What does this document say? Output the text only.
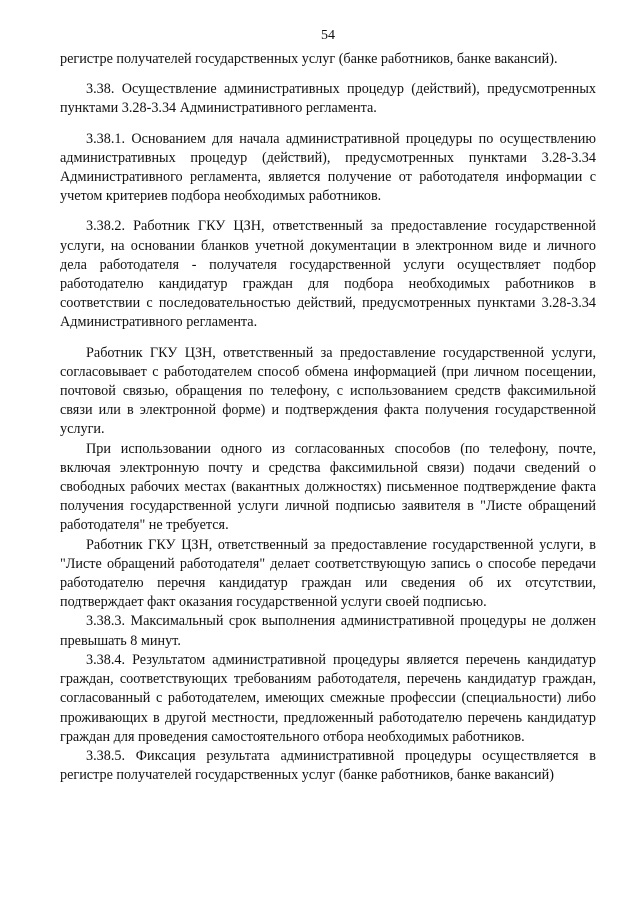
54

регистре получателей государственных услуг (банке работников, банке вакансий).

3.38. Осуществление административных процедур (действий), предусмотренных пунктами 3.28-3.34 Административного регламента.

3.38.1. Основанием для начала административной процедуры по осуществлению административных процедур (действий), предусмотренных пунктами 3.28-3.34 Административного регламента, является получение от работодателя информации с учетом критериев подбора необходимых работников.

3.38.2. Работник ГКУ ЦЗН, ответственный за предоставление государственной услуги, на основании бланков учетной документации в электронном виде и личного дела работодателя - получателя государственной услуги осуществляет подбор работодателю кандидатур граждан для подбора необходимых работников в соответствии с последовательностью действий, предусмотренных пунктами 3.28-3.34 Административного регламента.

Работник ГКУ ЦЗН, ответственный за предоставление государственной услуги, согласовывает с работодателем способ обмена информацией (при личном посещении, почтовой связью, обращения по телефону, с использованием средств факсимильной связи или в электронной форме) и подтверждения факта получения государственной услуги.

При использовании одного из согласованных способов (по телефону, почте, включая электронную почту и средства факсимильной связи) подачи сведений о свободных рабочих местах (вакантных должностях) письменное подтверждение факта получения государственной услуги личной подписью заявителя в "Листе обращений работодателя" не требуется.

Работник ГКУ ЦЗН, ответственный за предоставление государственной услуги, в "Листе обращений работодателя" делает соответствующую запись о способе передачи работодателю перечня кандидатур граждан или сведения об их отсутствии, подтверждает факт оказания государственной услуги своей подписью.

3.38.3. Максимальный срок выполнения административной процедуры не должен превышать 8 минут.

3.38.4. Результатом административной процедуры является перечень кандидатур граждан, соответствующих требованиям работодателя, перечень кандидатур граждан, согласованный с работодателем, имеющих смежные профессии (специальности) либо проживающих в другой местности, предложенный работодателю перечень кандидатур граждан для проведения самостоятельного отбора необходимых работников.

3.38.5. Фиксация результата административной процедуры осуществляется в регистре получателей государственных услуг (банке работников, банке вакансий)
